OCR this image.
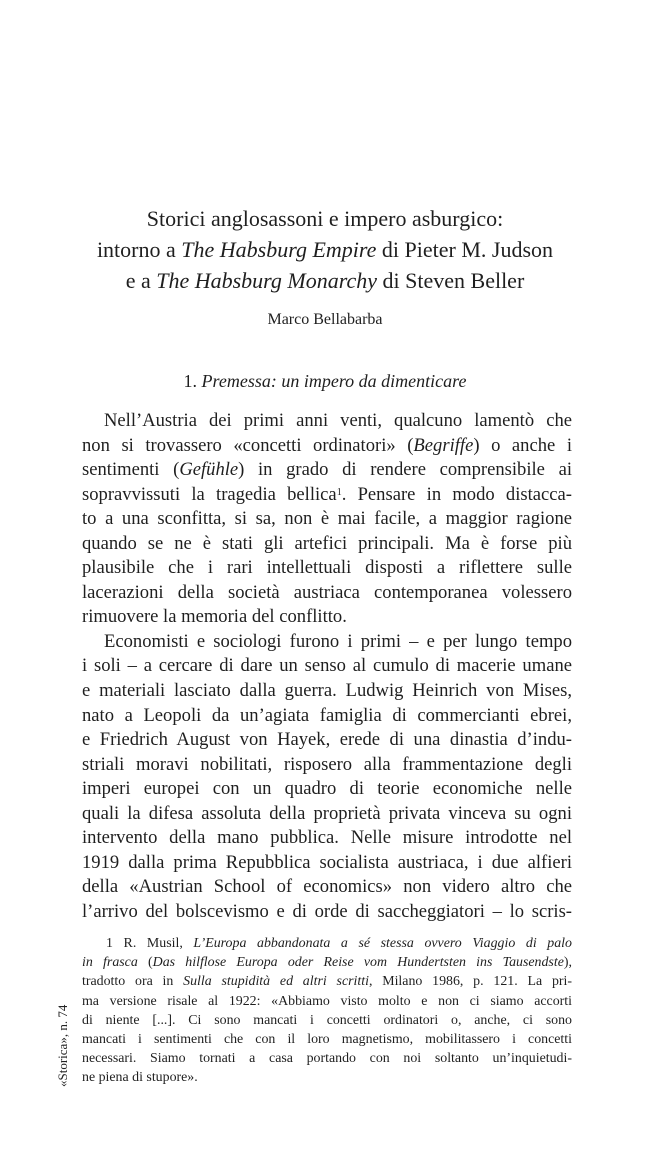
Storici anglosassoni e impero asburgico:
intorno a The Habsburg Empire di Pieter M. Judson
e a The Habsburg Monarchy di Steven Beller
Marco Bellabarba
1. Premessa: un impero da dimenticare
Nell’Austria dei primi anni venti, qualcuno lamentò che
non si trovassero «concetti ordinatori» (Begriffe) o anche i
sentimenti (Gefühle) in grado di rendere comprensibile ai
sopravvissuti la tragedia bellica$^1$. Pensare in modo distacca-
to a una sconfitta, si sa, non è mai facile, a maggior ragione
quando se ne è stati gli artefici principali. Ma è forse più
plausibile che i rari intellettuali disposti a riflettere sulle
lacerazioni della società austriaca contemporanea volessero
rimuovere la memoria del conflitto.
Economisti e sociologi furono i primi – e per lungo tempo
i soli – a cercare di dare un senso al cumulo di macerie umane
e materiali lasciato dalla guerra. Ludwig Heinrich von Mises,
nato a Leopoli da un’agiata famiglia di commercianti ebrei,
e Friedrich August von Hayek, erede di una dinastia d’indu-
striali moravi nobilitati, risposero alla frammentazione degli
imperi europei con un quadro di teorie economiche nelle
quali la difesa assoluta della proprietà privata vinceva su ogni
intervento della mano pubblica. Nelle misure introdotte nel
1919 dalla prima Repubblica socialista austriaca, i due alfieri
della «Austrian School of economics» non videro altro che
l’arrivo del bolscevismo e di orde di saccheggiatori – lo scris-
1 R. Musil, L’Europa abbandonata a sé stessa ovvero Viaggio di palo
in frasca (Das hilflose Europa oder Reise vom Hundertsten ins Tausendste),
tradotto ora in Sulla stupidità ed altri scritti, Milano 1986, p. 121. La pri-
ma versione risale al 1922: «Abbiamo visto molto e non ci siamo accorti
di niente [...]. Ci sono mancati i concetti ordinatori o, anche, ci sono
mancati i sentimenti che con il loro magnetismo, mobilitassero i concetti
necessari. Siamo tornati a casa portando con noi soltanto un’inquietudi-
ne piena di stupore».
«Storica», n. 74
